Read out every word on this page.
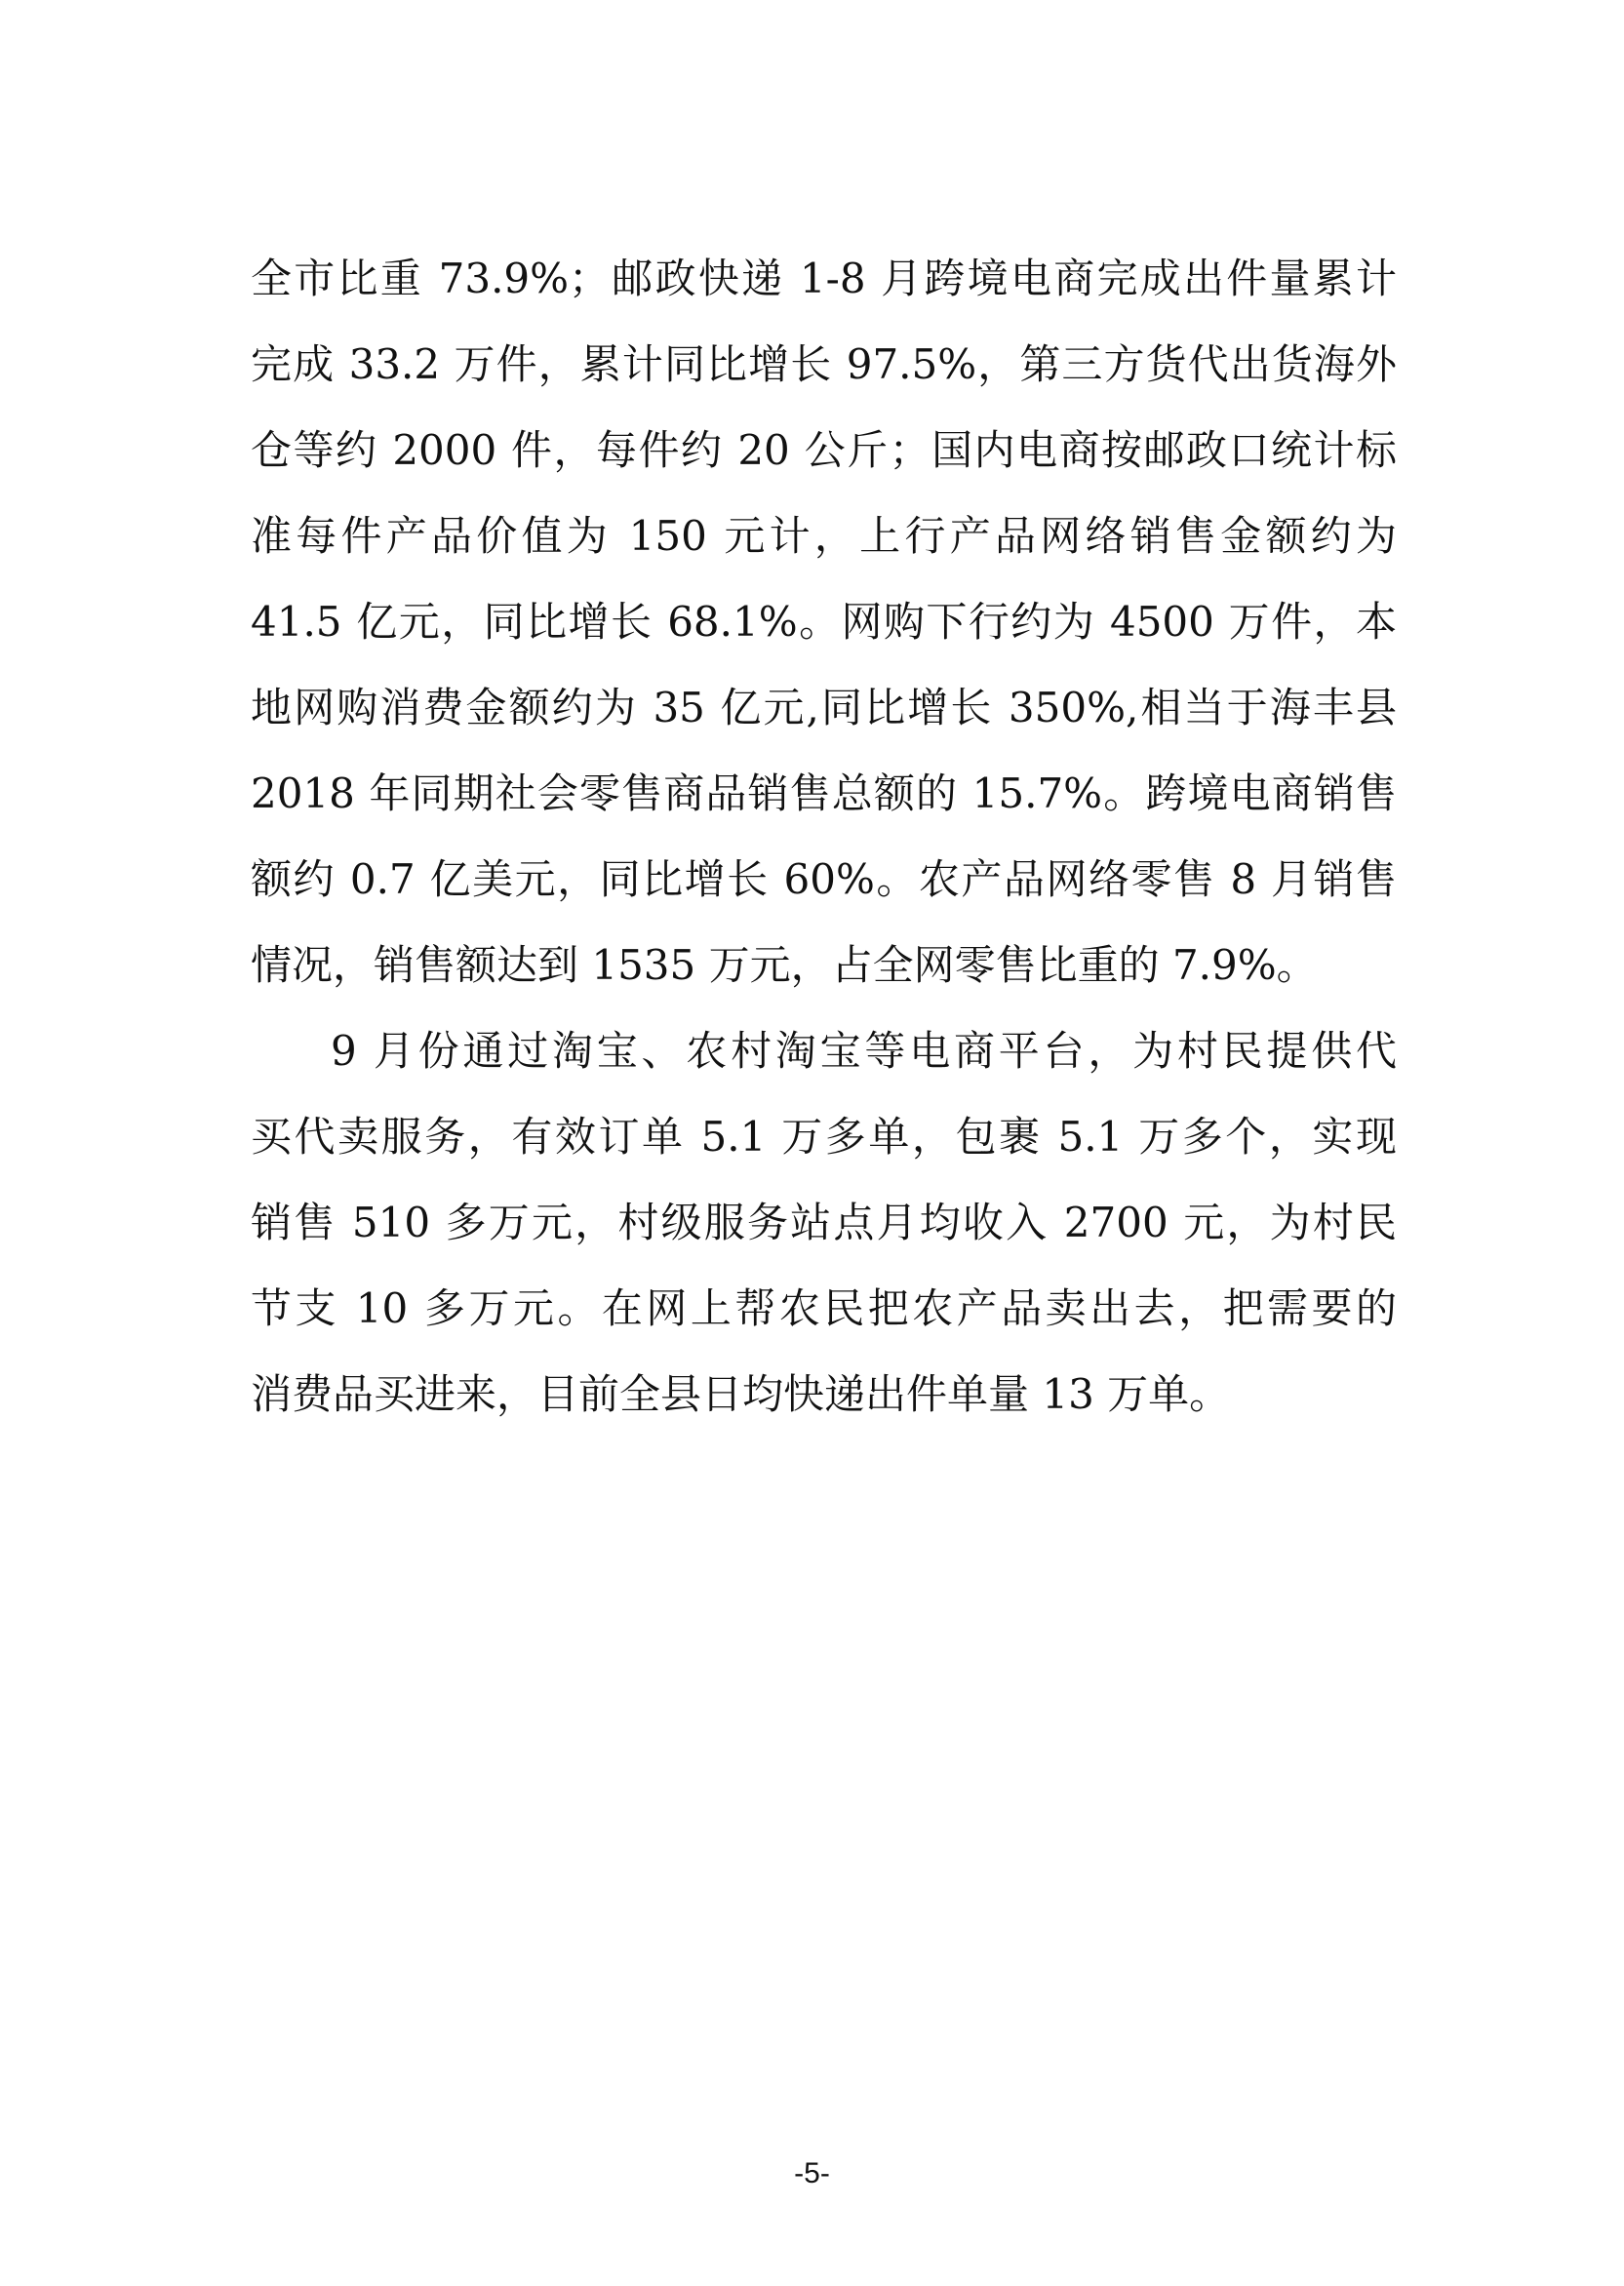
全市比重 73.9%；邮政快递 1-8 月跨境电商完成出件量累计
完成 33.2 万件，累计同比增长 97.5%，第三方货代出货海外
仓等约 2000 件，每件约 20 公斤；国内电商按邮政口统计标
准每件产品价值为 150 元计，上行产品网络销售金额约为
41.5 亿元，同比增长 68.1%。网购下行约为 4500 万件，本
地网购消费金额约为 35 亿元,同比增长 350%,相当于海丰县
2018 年同期社会零售商品销售总额的 15.7%。跨境电商销售
额约 0.7 亿美元，同比增长 60%。农产品网络零售 8 月销售
情况，销售额达到 1535 万元，占全网零售比重的 7.9%。
9 月份通过淘宝、农村淘宝等电商平台，为村民提供代
买代卖服务，有效订单 5.1 万多单，包裹 5.1 万多个，实现
销售 510 多万元，村级服务站点月均收入 2700 元，为村民
节支 10 多万元。在网上帮农民把农产品卖出去，把需要的
消费品买进来，目前全县日均快递出件单量 13 万单。
-5-
